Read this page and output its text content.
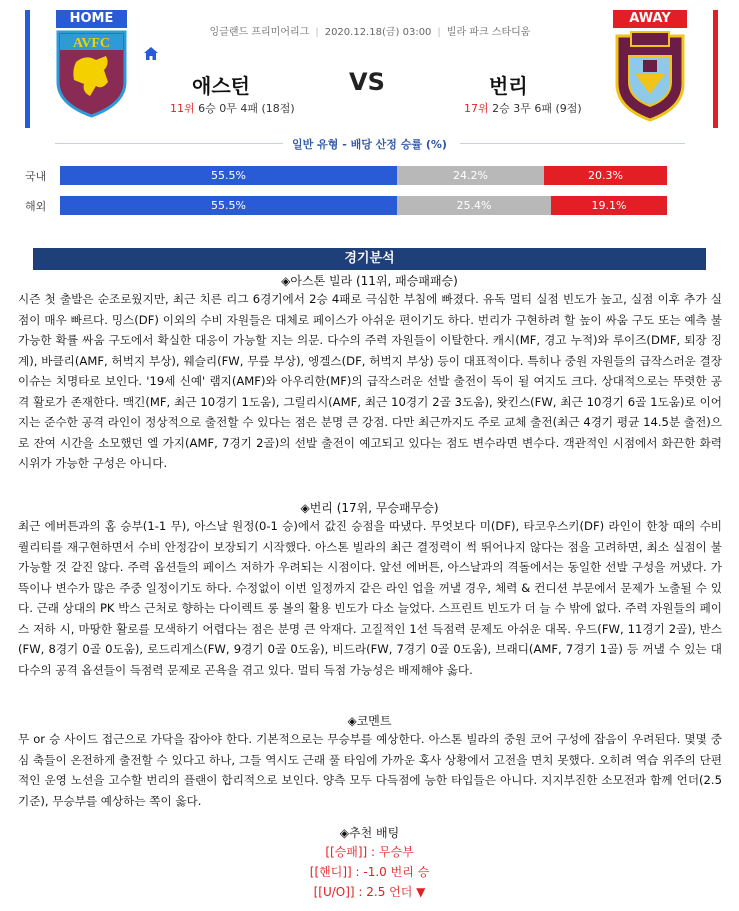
HOME	AWAY
AVFC
잉글랜드 프리미어리그 | 2020.12.18(금) 03:00 | 빌라 파크 스타디움
애스턴	VS	번리
11위 6승 0무 4패 (18점)	17위 2승 3무 6패 (9점)
일반 유형 - 배당 산정 승률 (%)
국내	55.5%	24.2%	20.3%
해외	55.5%	25.4%	19.1%
경기분석
◈아스톤 빌라 (11위, 패승패패승)
시즌 첫 출발은 순조로웠지만, 최근 치른 리그 6경기에서 2승 4패로 극심한 부침에 빠졌다. 유독 멀티 실점 빈도가 높고, 실점 이후 추가 실점이 매우 빠르다. 밍스(DF) 이외의 수비 자원들은 대체로 페이스가 아쉬운 편이기도 하다. 번리가 구현하려 할 높이 싸움 구도 또는 예측 불가능한 확률 싸움 구도에서 확실한 대응이 가능할 지는 의문. 다수의 주력 자원들이 이탈한다. 캐시(MF, 경고 누적)와 루이즈(DMF, 퇴장 징계), 바클리(AMF, 허벅지 부상), 웨슬리(FW, 무릎 부상), 엥겔스(DF, 허벅지 부상) 등이 대표적이다. 특히나 중원 자원들의 급작스러운 결장 이슈는 치명타로 보인다. '19세 신예' 램지(AMF)와 아우리한(MF)의 급작스러운 선발 출전이 독이 될 여지도 크다. 상대적으로는 뚜렷한 공격 활로가 존재한다. 맥긴(MF, 최근 10경기 1도움), 그릴리시(AMF, 최근 10경기 2골 3도움), 왓킨스(FW, 최근 10경기 6골 1도움)로 이어지는 준수한 공격 라인이 정상적으로 출전할 수 있다는 점은 분명 큰 강점. 다만 최근까지도 주로 교체 출전(최근 4경기 평균 14.5분 출전)으로 잔여 시간을 소모했던 엘 가지(AMF, 7경기 2골)의 선발 출전이 예고되고 있다는 점도 변수라면 변수다. 객관적인 시점에서 화끈한 화력 시위가 가능한 구성은 아니다.
◈번리 (17위, 무승패무승)
최근 에버튼과의 홈 승부(1-1 무), 아스날 원정(0-1 승)에서 값진 승점을 따냈다. 무엇보다 미(DF), 타코우스키(DF) 라인이 한창 때의 수비 퀄리티를 재구현하면서 수비 안정감이 보장되기 시작했다. 아스톤 빌라의 최근 결정력이 썩 뛰어나지 않다는 점을 고려하면, 최소 실점이 불가능할 것 같진 않다. 주력 옵션들의 페이스 저하가 우려되는 시점이다. 앞선 에버튼, 아스날과의 격돌에서는 동일한 선발 구성을 꺼냈다. 가뜩이나 변수가 많은 주중 일정이기도 하다. 수정없이 이번 일정까지 같은 라인 업을 꺼낼 경우, 체력 & 컨디션 부문에서 문제가 노출될 수 있다. 근래 상대의 PK 박스 근처로 향하는 다이렉트 롱 볼의 활용 빈도가 다소 늘었다. 스프린트 빈도가 더 늘 수 밖에 없다. 주력 자원들의 페이스 저하 시, 마땅한 활로를 모색하기 어렵다는 점은 분명 큰 악재다. 고질적인 1선 득점력 문제도 아쉬운 대목. 우드(FW, 11경기 2골), 반스(FW, 8경기 0골 0도움), 로드리게스(FW, 9경기 0골 0도움), 비드라(FW, 7경기 0골 0도움), 브래디(AMF, 7경기 1골) 등 꺼낼 수 있는 대다수의 공격 옵션들이 득점력 문제로 곤욕을 겪고 있다. 멀티 득점 가능성은 배제해야 옳다.
◈코멘트
무 or 승 사이드 접근으로 가닥을 잡아야 한다. 기본적으로는 무승부를 예상한다. 아스톤 빌라의 중원 코어 구성에 잡음이 우려된다. 몇몇 중심 축들이 온전하게 출전할 수 있다고 하나, 그들 역시도 근래 풀 타임에 가까운 혹사 상황에서 고전을 면치 못했다. 오히려 역습 위주의 단편적인 운영 노선을 고수할 번리의 플랜이 합리적으로 보인다. 양측 모두 다득점에 능한 타입들은 아니다. 지지부진한 소모전과 함께 언더(2.5 기준), 무승부를 예상하는 쪽이 옳다.
◈추천 배팅
[[승패]] : 무승부
[[핸디]] : -1.0 번리 승
[[U/O]] : 2.5 언더 ▼
